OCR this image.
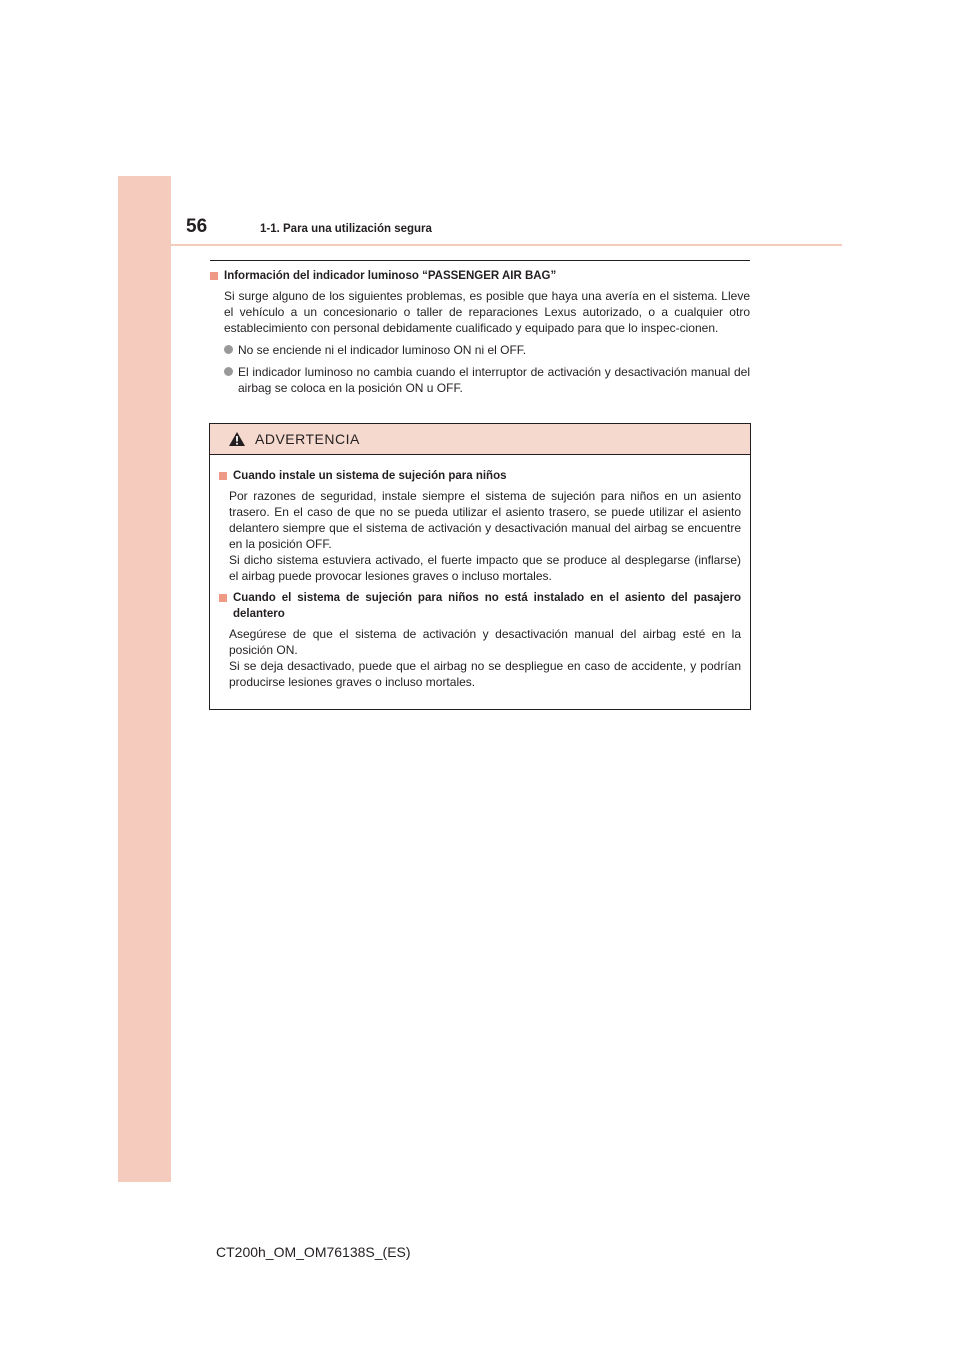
56	1-1. Para una utilización segura
Información del indicador luminoso “PASSENGER AIR BAG”
Si surge alguno de los siguientes problemas, es posible que haya una avería en el sistema. Lleve el vehículo a un concesionario o taller de reparaciones Lexus autorizado, o a cualquier otro establecimiento con personal debidamente cualificado y equipado para que lo inspec-cionen.
No se enciende ni el indicador luminoso ON ni el OFF.
El indicador luminoso no cambia cuando el interruptor de activación y desactivación manual del airbag se coloca en la posición ON u OFF.
ADVERTENCIA
Cuando instale un sistema de sujeción para niños
Por razones de seguridad, instale siempre el sistema de sujeción para niños en un asiento trasero. En el caso de que no se pueda utilizar el asiento trasero, se puede utilizar el asiento delantero siempre que el sistema de activación y desactivación manual del airbag se encuentre en la posición OFF.
Si dicho sistema estuviera activado, el fuerte impacto que se produce al desplegarse (inflarse) el airbag puede provocar lesiones graves o incluso mortales.
Cuando el sistema de sujeción para niños no está instalado en el asiento del pasajero delantero
Asegúrese de que el sistema de activación y desactivación manual del airbag esté en la posición ON.
Si se deja desactivado, puede que el airbag no se despliegue en caso de accidente, y podrían producirse lesiones graves o incluso mortales.
CT200h_OM_OM76138S_(ES)
